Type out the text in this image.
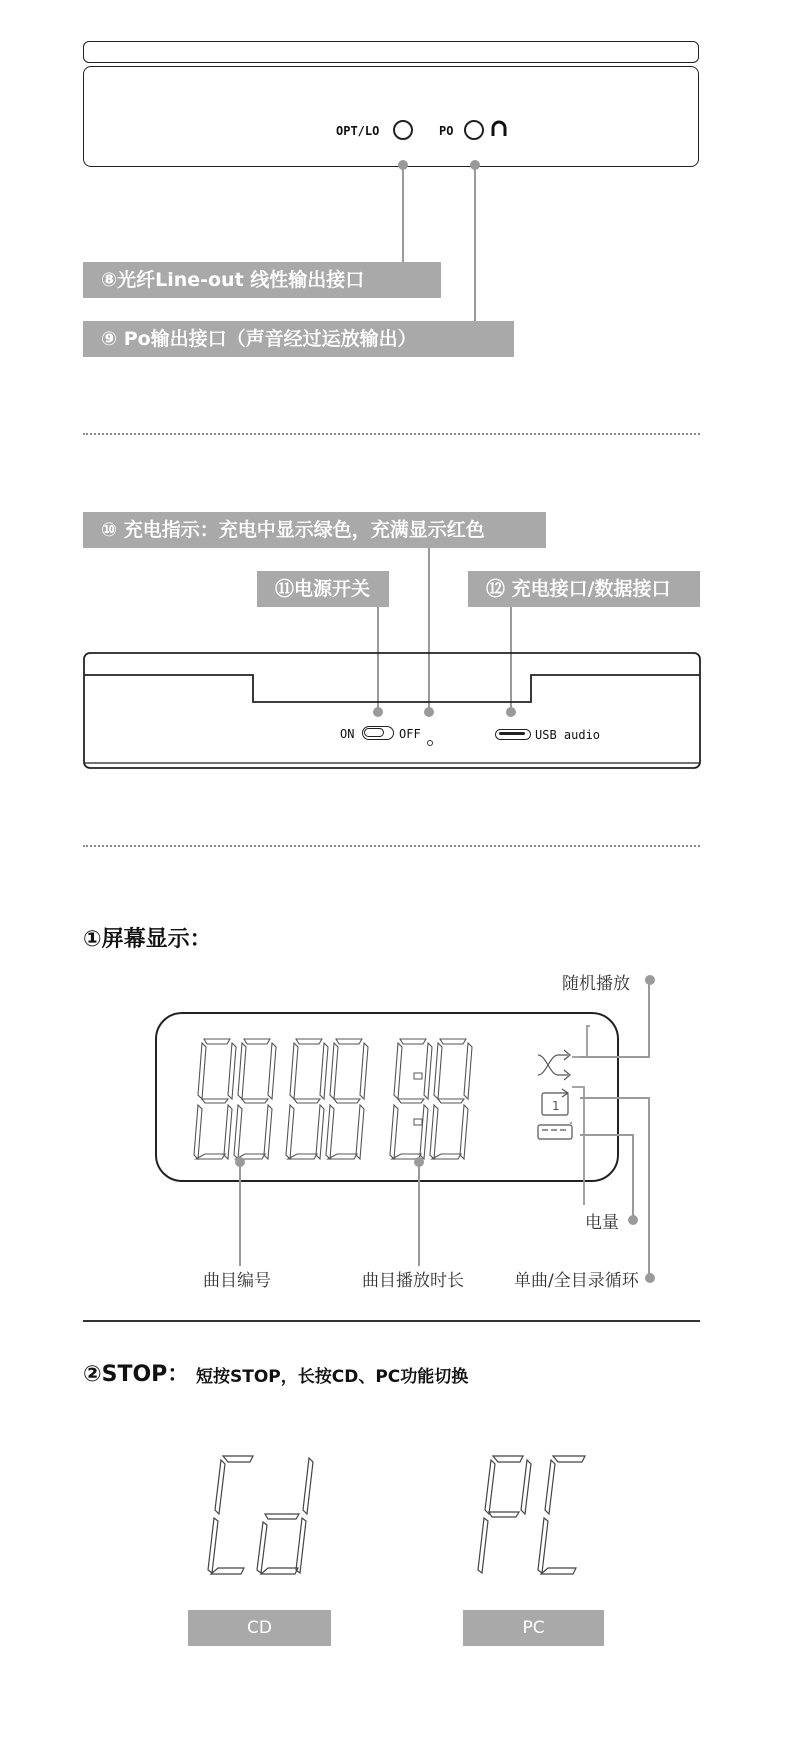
OPT/LO	PO
⑧光纤Line-out 线性输出接口
⑨ Po输出接口（声音经过运放输出）
⑩ 充电指示：充电中显示绿色，充满显示红色
⑪电源开关	⑫ 充电接口/数据接口
ON	OFF	USB audio
①屏幕显示：
随机播放
1
电量
曲目编号	曲目播放时长	单曲/全目录循环
②STOP： 短按STOP，长按CD、PC功能切换
CD	PC
